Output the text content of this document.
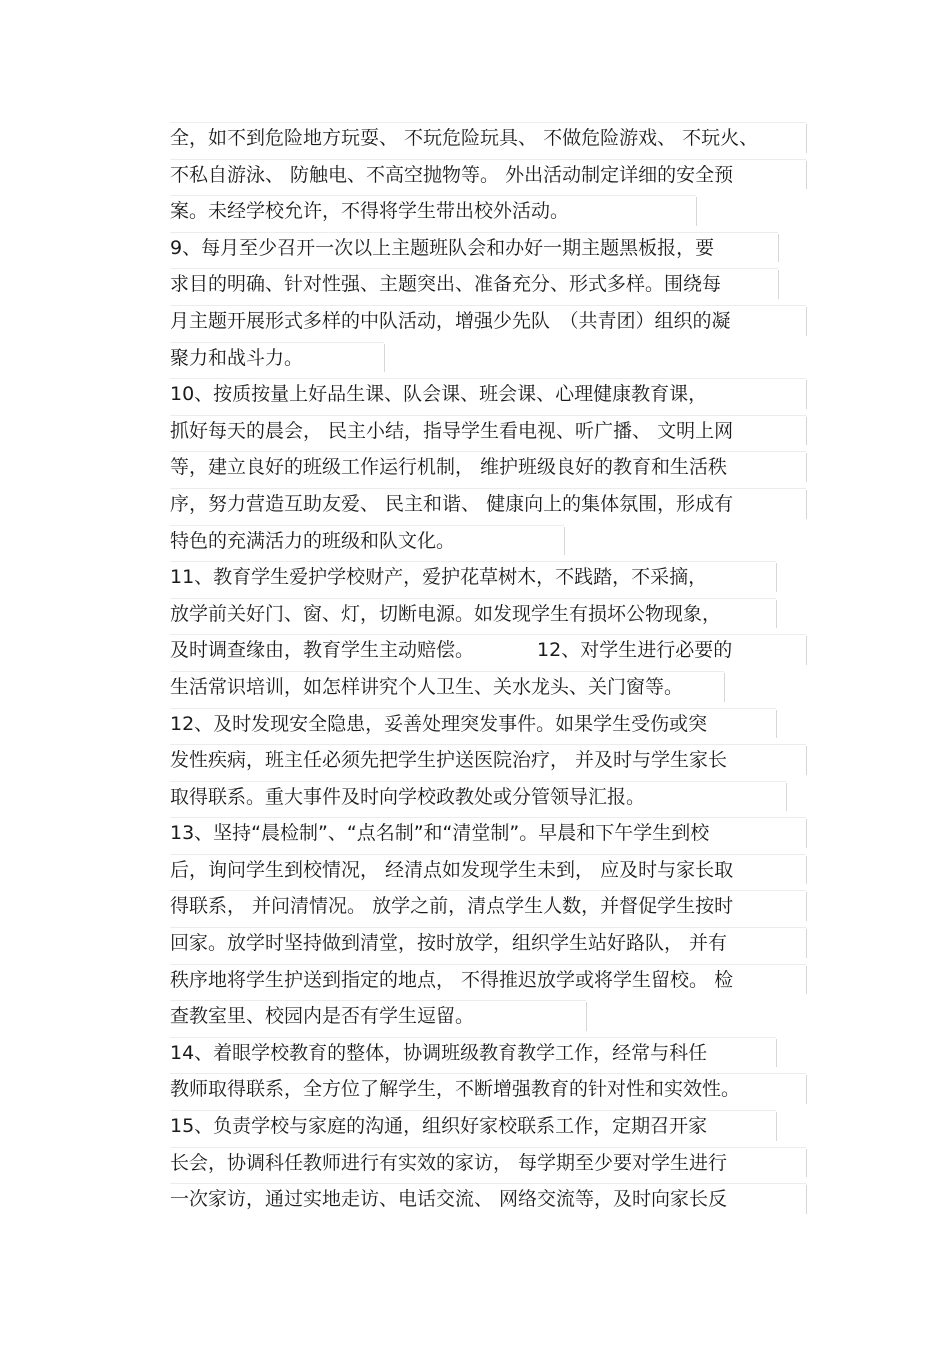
全，如不到危险地方玩耍、 不玩危险玩具、 不做危险游戏、 不玩火、
不私自游泳、 防触电、不高空抛物等。 外出活动制定详细的安全预
案。未经学校允许，不得将学生带出校外活动。
9、每月至少召开一次以上主题班队会和办好一期主题黑板报，要
求目的明确、针对性强、主题突出、准备充分、形式多样。围绕每
月主题开展形式多样的中队活动，增强少先队　（共青团）组织的凝
聚力和战斗力。
10、按质按量上好品生课、队会课、班会课、心理健康教育课，
抓好每天的晨会， 民主小结，指导学生看电视、听广播、 文明上网
等，建立良好的班级工作运行机制， 维护班级良好的教育和生活秩
序，努力营造互助友爱、 民主和谐、 健康向上的集体氛围，形成有
特色的充满活力的班级和队文化。
11、教育学生爱护学校财产，爱护花草树木，不践踏，不采摘，
放学前关好门、窗、灯，切断电源。如发现学生有损坏公物现象，
及时调查缘由，教育学生主动赔偿。 　　　12、对学生进行必要的
生活常识培训，如怎样讲究个人卫生、关水龙头、关门窗等。
12、及时发现安全隐患，妥善处理突发事件。如果学生受伤或突
发性疾病，班主任必须先把学生护送医院治疗， 并及时与学生家长
取得联系。重大事件及时向学校政教处或分管领导汇报。
13、坚持“晨检制”、“点名制”和“清堂制”。早晨和下午学生到校
后，询问学生到校情况， 经清点如发现学生未到， 应及时与家长取
得联系， 并问清情况。 放学之前，清点学生人数，并督促学生按时
回家。放学时坚持做到清堂，按时放学，组织学生站好路队， 并有
秩序地将学生护送到指定的地点， 不得推迟放学或将学生留校。 检
查教室里、校园内是否有学生逗留。
14、着眼学校教育的整体，协调班级教育教学工作，经常与科任
教师取得联系，全方位了解学生，不断增强教育的针对性和实效性。
15、负责学校与家庭的沟通，组织好家校联系工作，定期召开家
长会，协调科任教师进行有实效的家访， 每学期至少要对学生进行
一次家访，通过实地走访、电话交流、 网络交流等，及时向家长反
